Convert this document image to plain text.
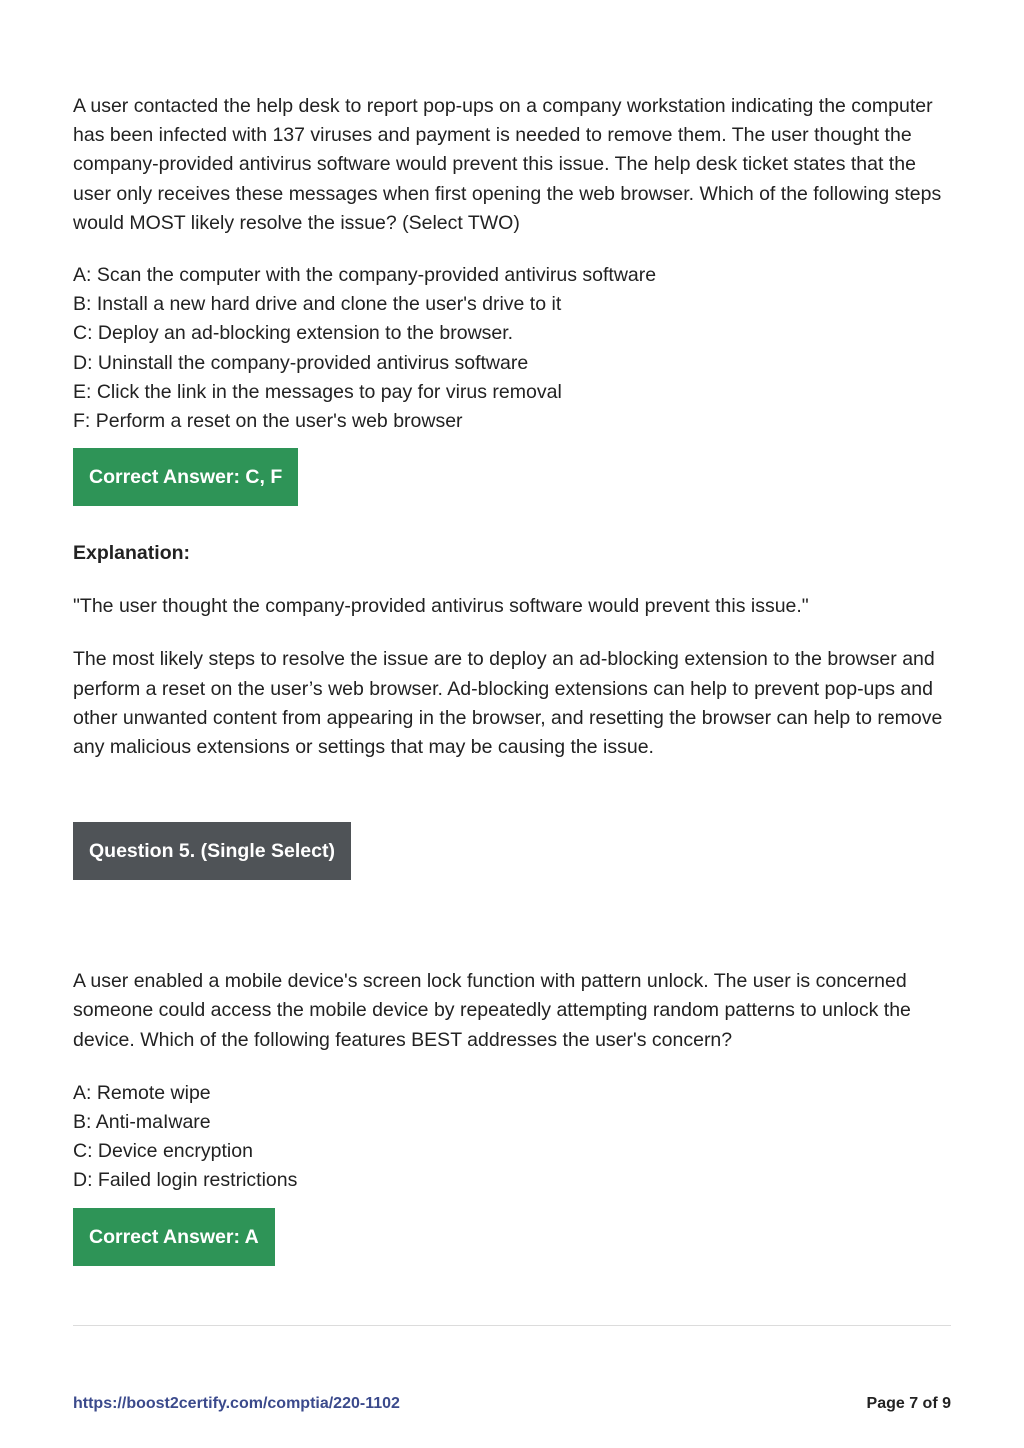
A user contacted the help desk to report pop-ups on a company workstation indicating the computer has been infected with 137 viruses and payment is needed to remove them. The user thought the company-provided antivirus software would prevent this issue. The help desk ticket states that the user only receives these messages when first opening the web browser. Which of the following steps would MOST likely resolve the issue? (Select TWO)

A: Scan the computer with the company-provided antivirus software
B: Install a new hard drive and clone the user's drive to it
C: Deploy an ad-blocking extension to the browser.
D: Uninstall the company-provided antivirus software
E: Click the link in the messages to pay for virus removal
F: Perform a reset on the user's web browser
Correct Answer: C, F

Explanation:

"The user thought the company-provided antivirus software would prevent this issue."

The most likely steps to resolve the issue are to deploy an ad-blocking extension to the browser and perform a reset on the user’s web browser. Ad-blocking extensions can help to prevent pop-ups and other unwanted content from appearing in the browser, and resetting the browser can help to remove any malicious extensions or settings that may be causing the issue.

Question 5. (Single Select)

A user enabled a mobile device's screen lock function with pattern unlock. The user is concerned someone could access the mobile device by repeatedly attempting random patterns to unlock the device. Which of the following features BEST addresses the user's concern?

A: Remote wipe
B: Anti-maIware
C: Device encryption
D: Failed login restrictions
Correct Answer: A
https://boost2certify.com/comptia/220-1102	Page 7 of 9
